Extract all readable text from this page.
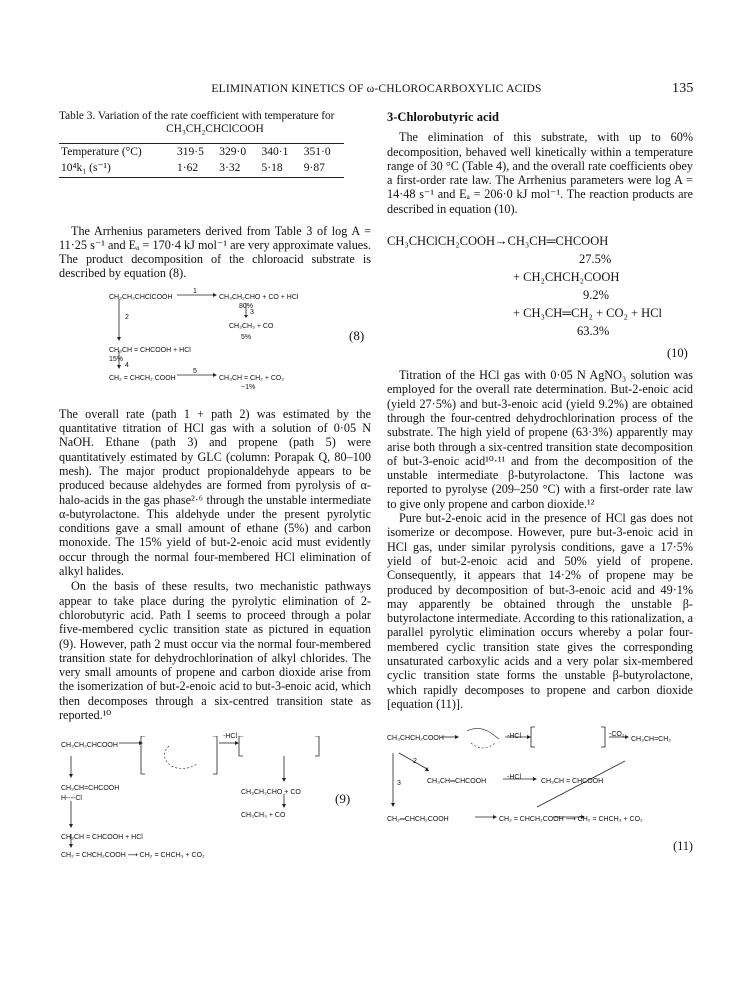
ELIMINATION KINETICS OF ω-CHLOROCARBOXYLIC ACIDS	135
Table 3. Variation of the rate coefficient with temperature for
CH₃CH₂CHClCOOH
Temperature (°C)	319·5	329·0	340·1	351·0
10⁴k₁ (s⁻¹)	1·62	3·32	5·18	9·87

The Arrhenius parameters derived from Table 3 of log A = 11·25 s⁻¹ and Eₐ = 170·4 kJ mol⁻¹ are very approximate values. The product decomposition of the chloroacid substrate is described by equation (8).

CH₃CH₂CHClCOOH
1
CH₃CH₂CHO + CO + HCl
80%
3
CH₃CH₃ + CO
5%
2
CH₃CH = CHCOOH + HCl
15%
4
CH₂ = CHCH₂ COOH
5
CH₃CH = CH₂ + CO₂
~1%
(8)

The overall rate (path 1 + path 2) was estimated by the quantitative titration of HCl gas with a solution of 0·05 N NaOH. Ethane (path 3) and propene (path 5) were quantitatively estimated by GLC (column: Porapak Q, 80–100 mesh). The major product propionaldehyde appears to be produced because aldehydes are formed from pyrolysis of α-halo-acids in the gas phase²·⁶ through the unstable intermediate α-butyrolactone. This aldehyde under the present pyrolytic conditions gave a small amount of ethane (5%) and carbon monoxide. The 15% yield of but-2-enoic acid must evidently occur through the normal four-membered HCl elimination of alkyl halides.

On the basis of these results, two mechanistic pathways appear to take place during the pyrolytic elimination of 2-chlorobutyric acid. Path I seems to proceed through a polar five-membered cyclic transition state as pictured in equation (9). However, path 2 must occur via the normal four-membered transition state for dehydrochlorination of alkyl chlorides. The very small amounts of propene and carbon dioxide arise from the isomerization of but-2-enoic acid to but-3-enoic acid, which then decomposes through a six-centred transition state as reported.¹⁰

CH₃CH₂CHCOOH
-HCl
CH₃CH₂CHO + CO
CH₃CH₃ + CO
CH₃CH=CHCOOH
H----Cl
CH₃CH = CHCOOH + HCl
CH₂ = CHCH₂COOH ⟶ CH₂ = CHCH₃ + CO₂
(9)
3-Chlorobutyric acid

The elimination of this substrate, with up to 60% decomposition, behaved well kinetically within a temperature range of 30 °C (Table 4), and the overall rate coefficients obey a first-order rate law. The Arrhenius parameters were log A = 14·48 s⁻¹ and Eₐ = 206·0 kJ mol⁻¹. The reaction products are described in equation (10).

CH₃CHClCH₂COOH→CH₃CH═CHCOOH
27.5%
+ CH₂CHCH₂COOH
9.2%
+ CH₃CH═CH₂ + CO₂ + HCl
63.3%
(10)

Titration of the HCl gas with 0·05 N AgNO₃ solution was employed for the overall rate determination. But-2-enoic acid (yield 27·5%) and but-3-enoic acid (yield 9.2%) are obtained through the four-centred dehydrochlorination process of the substrate. The high yield of propene (63·3%) apparently may arise both through a six-centred transition state decomposition of but-3-enoic acid¹⁰·¹¹ and from the decomposition of the unstable intermediate β-butyrolactone. This lactone was reported to pyrolyse (209–250 °C) with a first-order rate law to give only propene and carbon dioxide.¹²

Pure but-2-enoic acid in the presence of HCl gas does not isomerize or decompose. However, pure but-3-enoic acid in HCl gas, under similar pyrolysis conditions, gave a 17·5% yield of but-2-enoic acid and 50% yield of propene. Consequently, it appears that 14·2% of propene may be produced by decomposition of but-3-enoic acid and 49·1% may apparently be obtained through the unstable β-butyrolactone intermediate. According to this rationalization, a parallel pyrolytic elimination occurs whereby a polar four-membered cyclic transition state gives the corresponding unsaturated carboxylic acids and a very polar six-membered cyclic transition state forms the unstable β-butyrolactone, which rapidly decomposes to propene and carbon dioxide [equation (11)].

CH₃CHCH₂COOH	-HCl	-CO₂
CH₃CH=CH₂
2
3	CH₃CH═CHCOOH
-HCl
CH₃CH = CHCOOH
CH₂═CHCH₂COOH	CH₂ = CHCH₂COOH ⟶ CH₂ = CHCH₃ + CO₂
(11)
